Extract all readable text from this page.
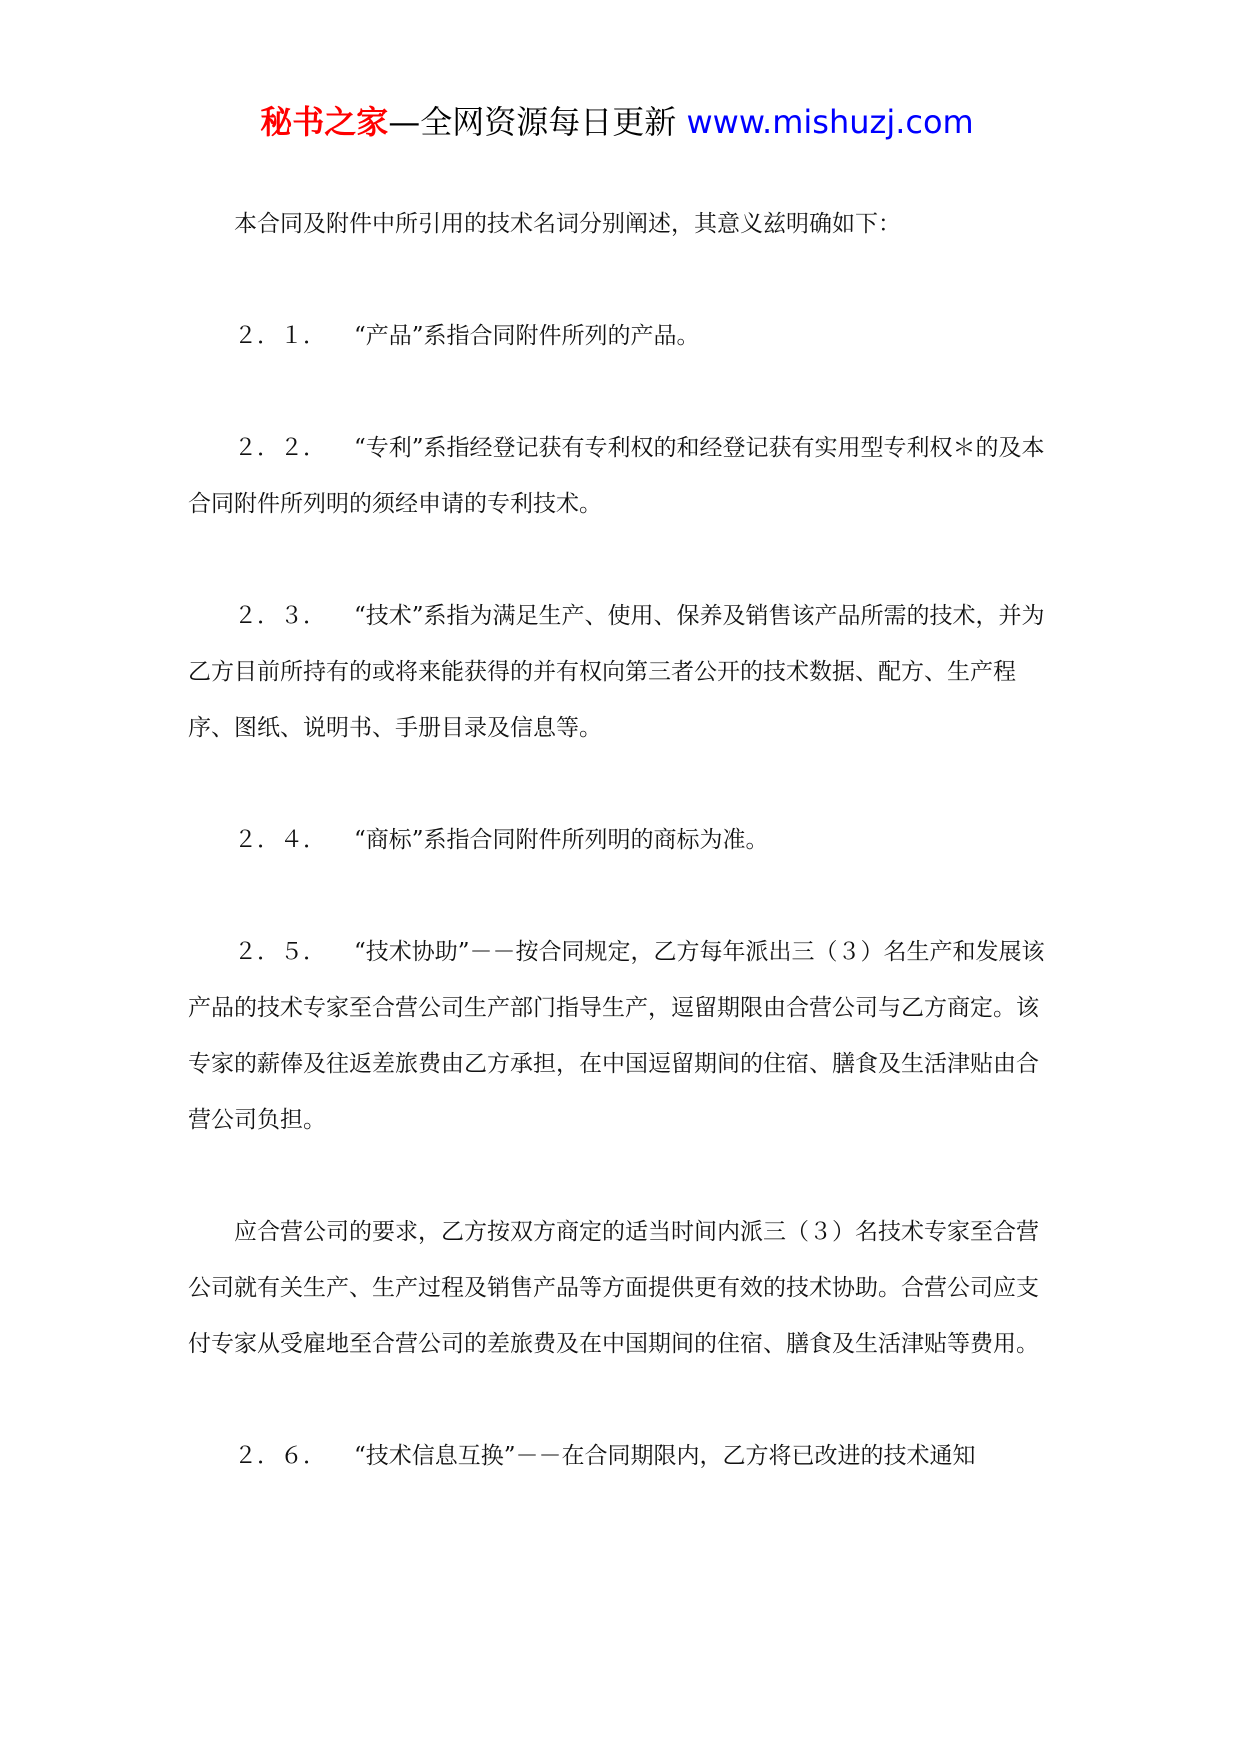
秘书之家—全网资源每日更新 www.mishuzj.com

本合同及附件中所引用的技术名词分别阐述，其意义兹明确如下：

２．１． “产品”系指合同附件所列的产品。

２．２． “专利”系指经登记获有专利权的和经登记获有实用型专利权＊的及本合同附件所列明的须经申请的专利技术。

２．３． “技术”系指为满足生产、使用、保养及销售该产品所需的技术，并为乙方目前所持有的或将来能获得的并有权向第三者公开的技术数据、配方、生产程序、图纸、说明书、手册目录及信息等。

２．４． “商标”系指合同附件所列明的商标为准。

２．５． “技术协助”－－按合同规定，乙方每年派出三（３）名生产和发展该产品的技术专家至合营公司生产部门指导生产，逗留期限由合营公司与乙方商定。该专家的薪俸及往返差旅费由乙方承担，在中国逗留期间的住宿、膳食及生活津贴由合营公司负担。

应合营公司的要求，乙方按双方商定的适当时间内派三（３）名技术专家至合营公司就有关生产、生产过程及销售产品等方面提供更有效的技术协助。合营公司应支付专家从受雇地至合营公司的差旅费及在中国期间的住宿、膳食及生活津贴等费用。

２．６． “技术信息互换”－－在合同期限内，乙方将已改进的技术通知
